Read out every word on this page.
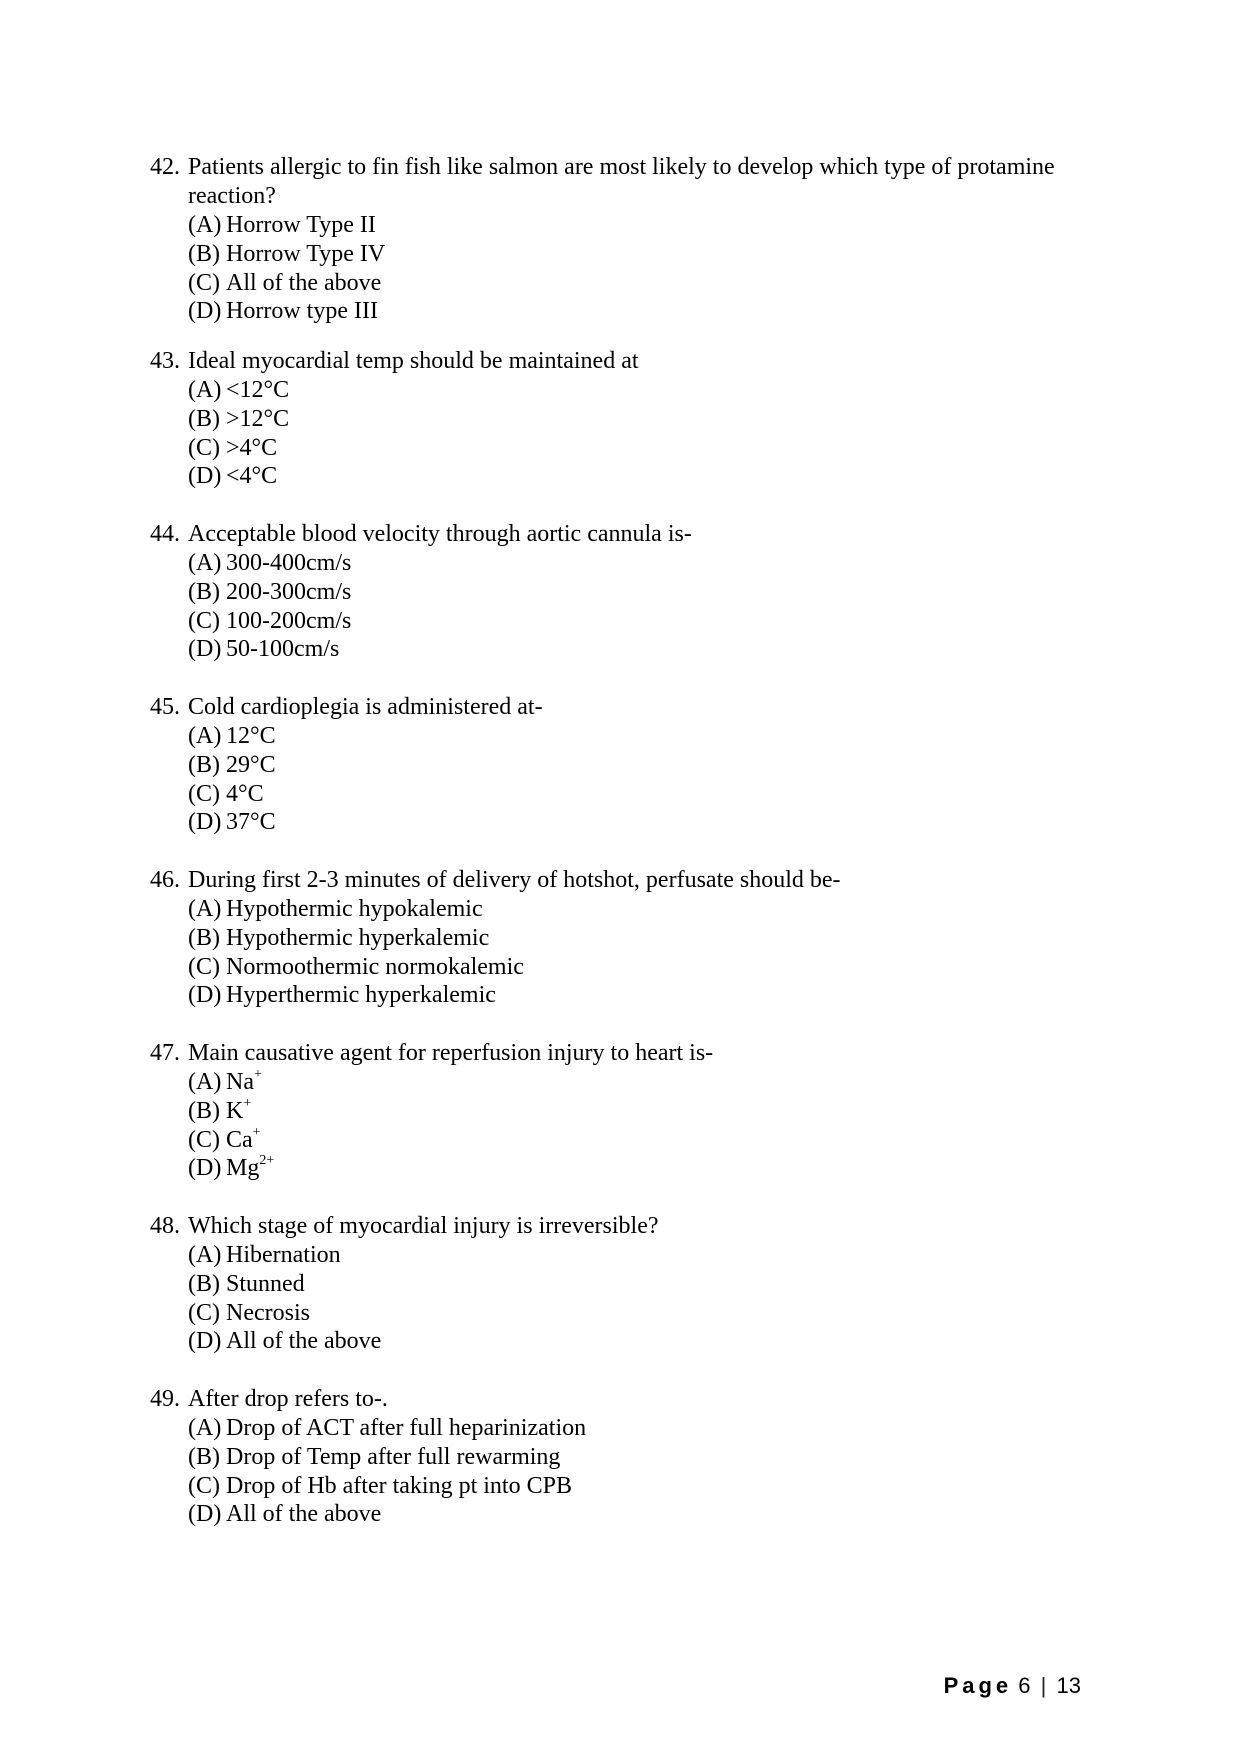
42. Patients allergic to fin fish like salmon are most likely to develop which type of protamine reaction?
(A) Horrow Type II
(B) Horrow Type IV
(C) All of the above
(D) Horrow type III
43. Ideal myocardial temp should be maintained at
(A) <12°C
(B) >12°C
(C) >4°C
(D) <4°C
44. Acceptable blood velocity through aortic cannula is-
(A) 300-400cm/s
(B) 200-300cm/s
(C) 100-200cm/s
(D) 50-100cm/s
45. Cold cardioplegia is administered at-
(A) 12°C
(B) 29°C
(C) 4°C
(D) 37°C
46. During first 2-3 minutes of delivery of hotshot, perfusate should be-
(A) Hypothermic hypokalemic
(B) Hypothermic hyperkalemic
(C) Normoothermic normokalemic
(D) Hyperthermic hyperkalemic
47. Main causative agent for reperfusion injury to heart is-
(A) Na+
(B) K+
(C) Ca+
(D) $Mg^{2+}$
48. Which stage of myocardial injury is irreversible?
(A) Hibernation
(B) Stunned
(C) Necrosis
(D) All of the above
49. After drop refers to-.
(A) Drop of ACT after full heparinization
(B) Drop of Temp after full rewarming
(C) Drop of Hb after taking pt into CPB
(D) All of the above
Page 6 | 13
